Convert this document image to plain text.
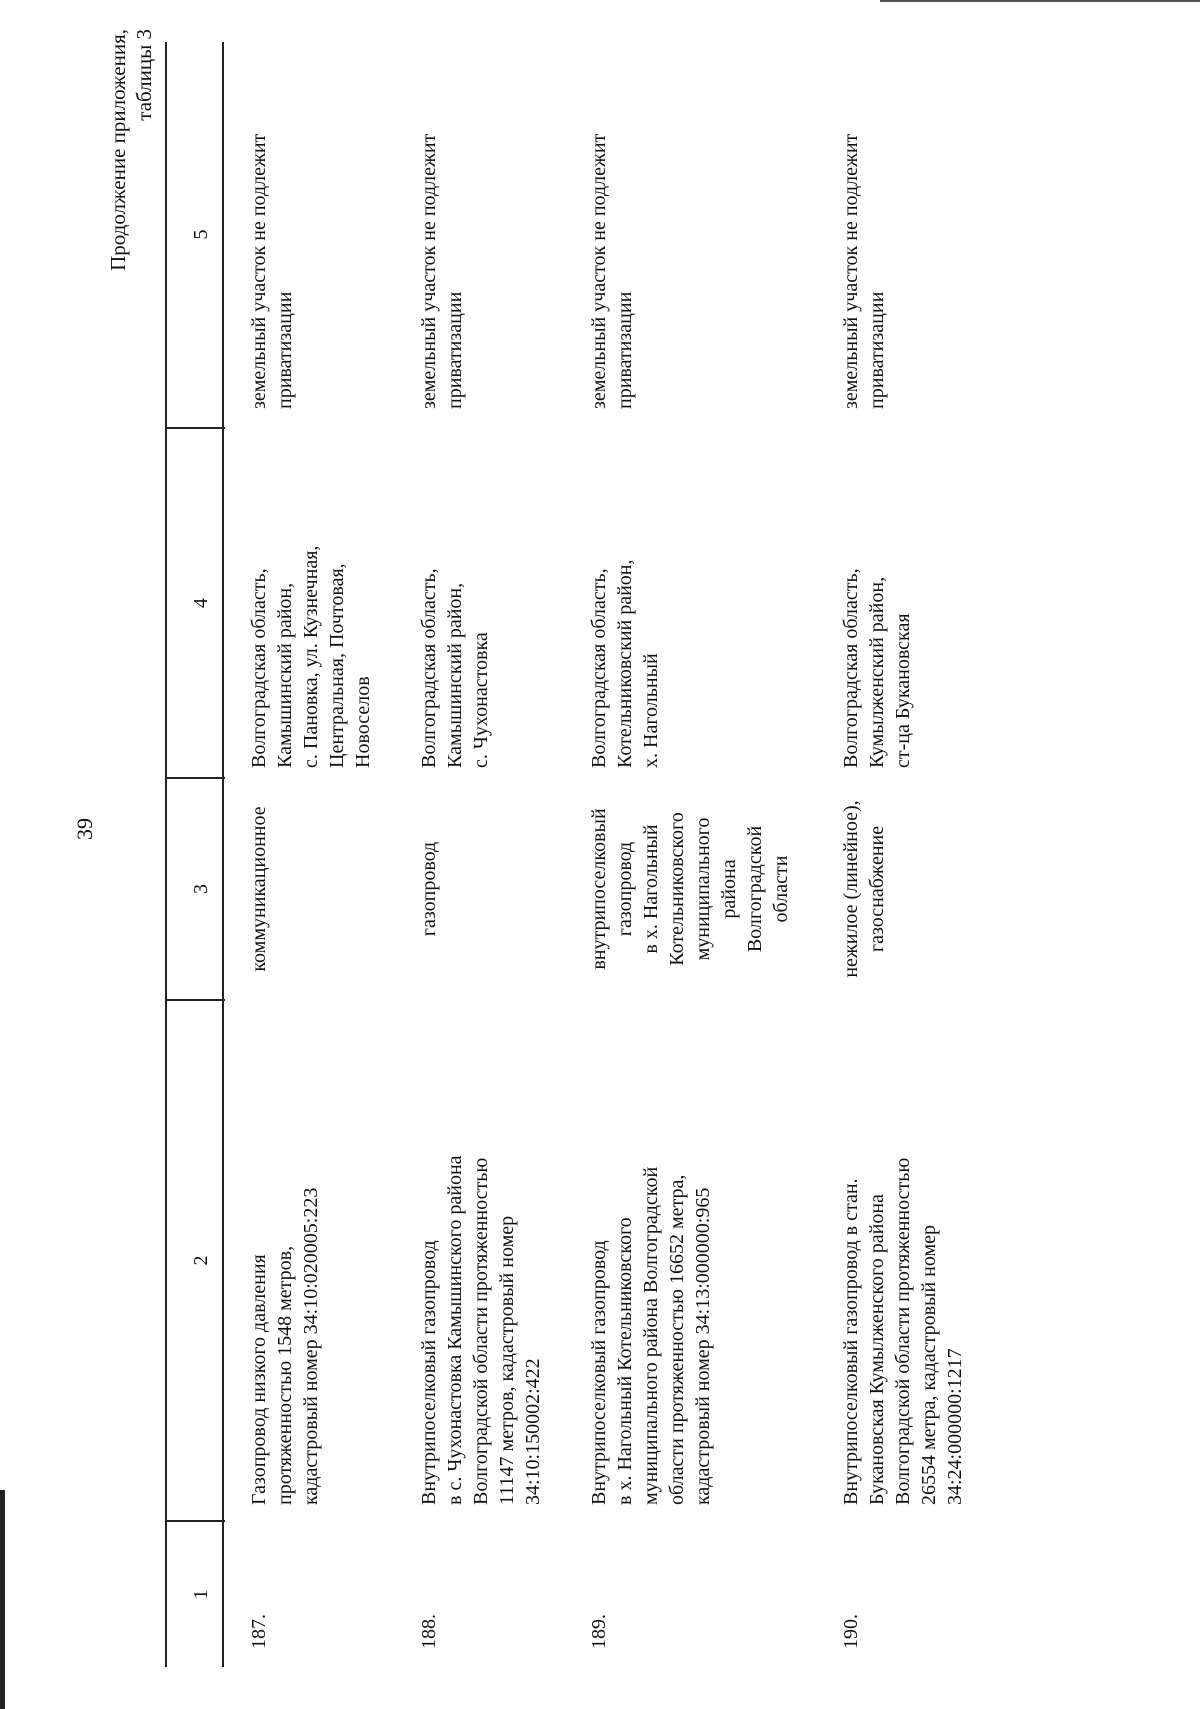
39
Продолжение приложения, таблицы 3
1
2
3
4
5
187.
Газопровод низкого давления протяженностью 1548 метров, кадастровый номер 34:10:020005:223
коммуникационное
Волгоградская область, Камышинский район, с. Пановка, ул. Кузнечная, Центральная, Почтовая, Новоселов
земельный участок не подлежит приватизации
188.
Внутрипоселковый газопровод в с. Чухонастовка Камышинского района Волгоградской области протяженностью 11147 метров, кадастровый номер 34:10:150002:422
газопровод
Волгоградская область, Камышинский район, с. Чухонастовка
земельный участок не подлежит приватизации
189.
Внутрипоселковый газопровод в х. Нагольный Котельниковского муниципального района Волгоградской области протяженностью 16652 метра, кадастровый номер 34:13:000000:965
внутрипоселковый газопровод в х. Нагольный Котельниковского муниципального района Волгоградской области
Волгоградская область, Котельниковский район, х. Нагольный
земельный участок не подлежит приватизации
190.
Внутрипоселковый газопровод в стан. Букановская Кумылженского района Волгоградской области протяженностью 26554 метра, кадастровый номер 34:24:000000:1217
нежилое (линейное), газоснабжение
Волгоградская область, Кумылженский район, ст-ца Букановская
земельный участок не подлежит приватизации
